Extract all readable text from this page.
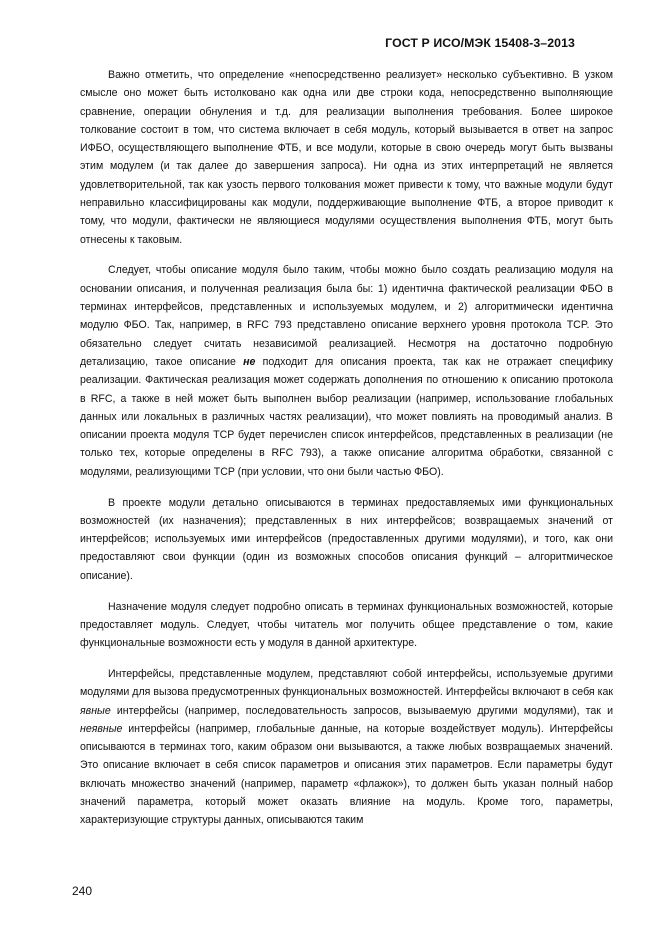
ГОСТ Р ИСО/МЭК 15408-3–2013

Важно отметить, что определение «непосредственно реализует» несколько субъективно. В узком смысле оно может быть истолковано как одна или две строки кода, непосредственно выполняющие сравнение, операции обнуления и т.д. для реализации выполнения требования. Более широкое толкование состоит в том, что система включает в себя модуль, который вызывается в ответ на запрос ИФБО, осуществляющего выполнение ФТБ, и все модули, которые в свою очередь могут быть вызваны этим модулем (и так далее до завершения запроса). Ни одна из этих интерпретаций не является удовлетворительной, так как узость первого толкования может привести к тому, что важные модули будут неправильно классифицированы как модули, поддерживающие выполнение ФТБ, а второе приводит к тому, что модули, фактически не являющиеся модулями осуществления выполнения ФТБ, могут быть отнесены к таковым.

Следует, чтобы описание модуля было таким, чтобы можно было создать реализацию модуля на основании описания, и полученная реализация была бы: 1) идентична фактической реализации ФБО в терминах интерфейсов, представленных и используемых модулем, и 2) алгоритмически идентична модулю ФБО. Так, например, в RFC 793 представлено описание верхнего уровня протокола TCP. Это обязательно следует считать независимой реализацией. Несмотря на достаточно подробную детализацию, такое описание не подходит для описания проекта, так как не отражает специфику реализации. Фактическая реализация может содержать дополнения по отношению к описанию протокола в RFC, а также в ней может быть выполнен выбор реализации (например, использование глобальных данных или локальных в различных частях реализации), что может повлиять на проводимый анализ. В описании проекта модуля TCP будет перечислен список интерфейсов, представленных в реализации (не только тех, которые определены в RFC 793), а также описание алгоритма обработки, связанной с модулями, реализующими TCP (при условии, что они были частью ФБО).

В проекте модули детально описываются в терминах предоставляемых ими функциональных возможностей (их назначения); представленных в них интерфейсов; возвращаемых значений от интерфейсов; используемых ими интерфейсов (предоставленных другими модулями), и того, как они предоставляют свои функции (один из возможных способов описания функций – алгоритмическое описание).

Назначение модуля следует подробно описать в терминах функциональных возможностей, которые предоставляет модуль. Следует, чтобы читатель мог получить общее представление о том, какие функциональные возможности есть у модуля в данной архитектуре.

Интерфейсы, представленные модулем, представляют собой интерфейсы, используемые другими модулями для вызова предусмотренных функциональных возможностей. Интерфейсы включают в себя как явные интерфейсы (например, последовательность запросов, вызываемую другими модулями), так и неявные интерфейсы (например, глобальные данные, на которые воздействует модуль). Интерфейсы описываются в терминах того, каким образом они вызываются, а также любых возвращаемых значений. Это описание включает в себя список параметров и описания этих параметров. Если параметры будут включать множество значений (например, параметр «флажок»), то должен быть указан полный набор значений параметра, который может оказать влияние на модуль. Кроме того, параметры, характеризующие структуры данных, описываются таким

240
